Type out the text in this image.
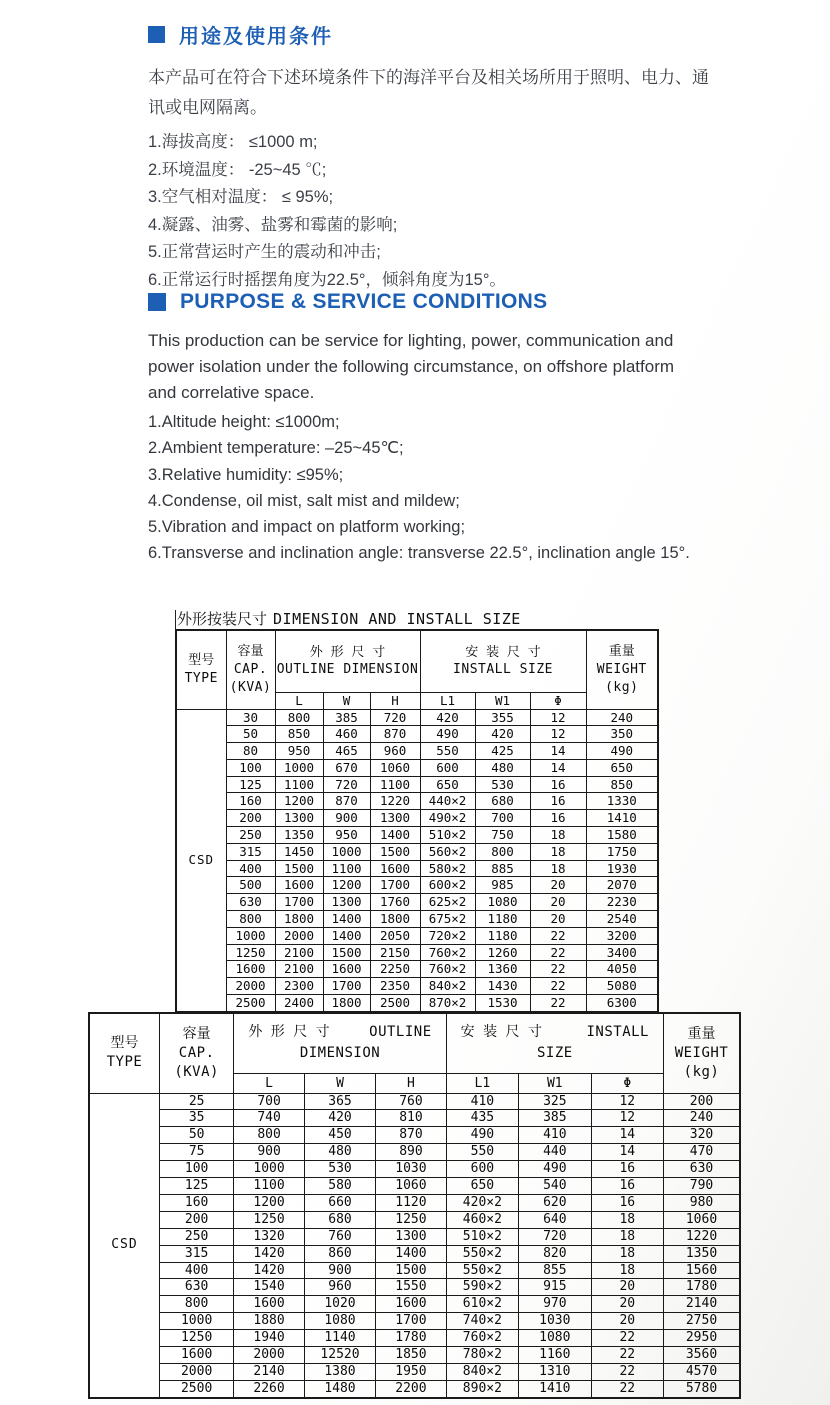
用途及使用条件

本产品可在符合下述环境条件下的海洋平台及相关场所用于照明、电力、通讯或电网隔离。

1.海拔高度： ≤1000 m;
2.环境温度： -25~45 ℃;
3.空气相对温度： ≤ 95%;
4.凝露、油雾、盐雾和霉菌的影响;
5.正常营运时产生的震动和冲击;
6.正常运行时摇摆角度为22.5°，倾斜角度为15°。
PURPOSE & SERVICE CONDITIONS

This production can be service for lighting, power, communication and power isolation under the following circumstance, on offshore platform and correlative space.

1.Altitude height: ≤1000m;
2.Ambient temperature: –25~45℃;
3.Relative humidity: ≤95%;
4.Condense, oil mist, salt mist and mildew;
5.Vibration and impact on platform working;
6.Transverse and inclination angle: transverse 22.5°, inclination angle 15°.
外形按装尺寸 DIMENSION AND INSTALL SIZE
型号
TYPE

容量
CAP.
(KVA)

外 形 尺 寸
OUTLINE DIMENSION

安 装 尺 寸
INSTALL SIZE

重量
WEIGHT
(kg)

		L	W	H	L1	W1	Φ	
CSD	30	800	385	720	420	355	12	240
	50	850	460	870	490	420	12	350
	80	950	465	960	550	425	14	490
	100	1000	670	1060	600	480	14	650
	125	1100	720	1100	650	530	16	850
	160	1200	870	1220	440×2	680	16	1330
	200	1300	900	1300	490×2	700	16	1410
	250	1350	950	1400	510×2	750	18	1580
	315	1450	1000	1500	560×2	800	18	1750
	400	1500	1100	1600	580×2	885	18	1930
	500	1600	1200	1700	600×2	985	20	2070
	630	1700	1300	1760	625×2	1080	20	2230
	800	1800	1400	1800	675×2	1180	20	2540
	1000	2000	1400	2050	720×2	1180	22	3200
	1250	2100	1500	2150	760×2	1260	22	3400
	1600	2100	1600	2250	760×2	1360	22	4050
	2000	2300	1700	2350	840×2	1430	22	5080
	2500	2400	1800	2500	870×2	1530	22	6300
型号
TYPE

容量
CAP.
(KVA)

外 形 尺 寸	OUTLINE
DIMENSION

安 装 尺 寸	INSTALL
SIZE

重量
WEIGHT
(kg)

		L	W	H	L1	W1	Φ	
CSD	25	700	365	760	410	325	12	200
	35	740	420	810	435	385	12	240
	50	800	450	870	490	410	14	320
	75	900	480	890	550	440	14	470
	100	1000	530	1030	600	490	16	630
	125	1100	580	1060	650	540	16	790
	160	1200	660	1120	420×2	620	16	980
	200	1250	680	1250	460×2	640	18	1060
	250	1320	760	1300	510×2	720	18	1220
	315	1420	860	1400	550×2	820	18	1350
	400	1420	900	1500	550×2	855	18	1560
	630	1540	960	1550	590×2	915	20	1780
	800	1600	1020	1600	610×2	970	20	2140
	1000	1880	1080	1700	740×2	1030	20	2750
	1250	1940	1140	1780	760×2	1080	22	2950
	1600	2000	12520	1850	780×2	1160	22	3560
	2000	2140	1380	1950	840×2	1310	22	4570
	2500	2260	1480	2200	890×2	1410	22	5780
